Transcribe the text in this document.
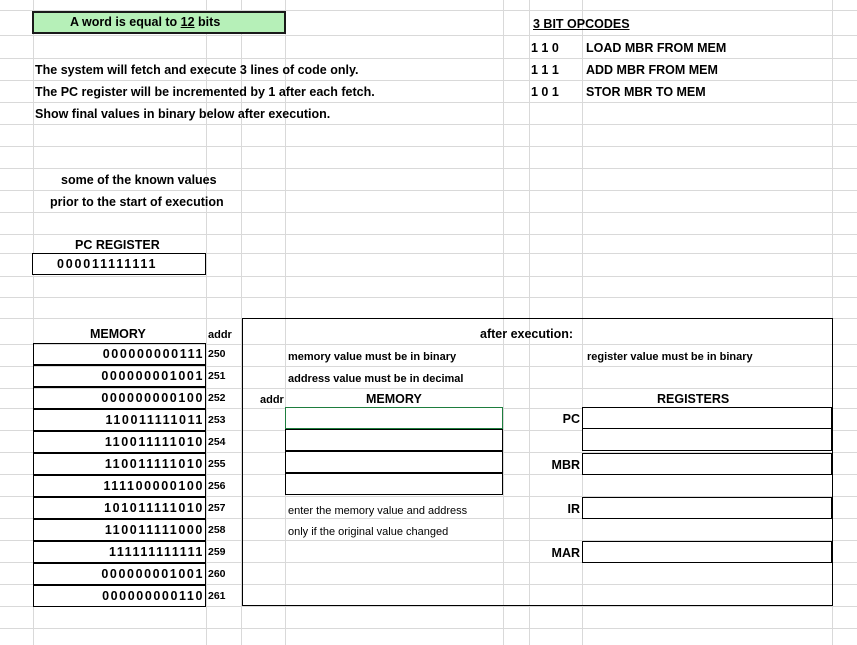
A word is equal to 12 bits
The system will fetch and execute 3 lines of code only.
The PC register will be incremented by 1 after each fetch.
Show final values in binary below after execution.
3 BIT OPCODES
1 1 0 LOAD MBR FROM MEM
1 1 1 ADD MBR FROM MEM
1 0 1 STOR MBR TO MEM
some of the known values
prior to the start of execution
PC REGISTER
000011111111
MEMORY	addr
000000000111 250
000000001001 251
000000000100 252
110011111011 253
110011111010 254
110011111010 255
111100000100 256
101011111010 257
110011111000 258
111111111111 259
000000001001 260
000000000110 261
after execution:
memory value must be in binary
address value must be in decimal
register value must be in binary
addr	MEMORY	REGISTERS
enter the memory value and address
only if the original value changed
PC
MBR
IR
MAR
